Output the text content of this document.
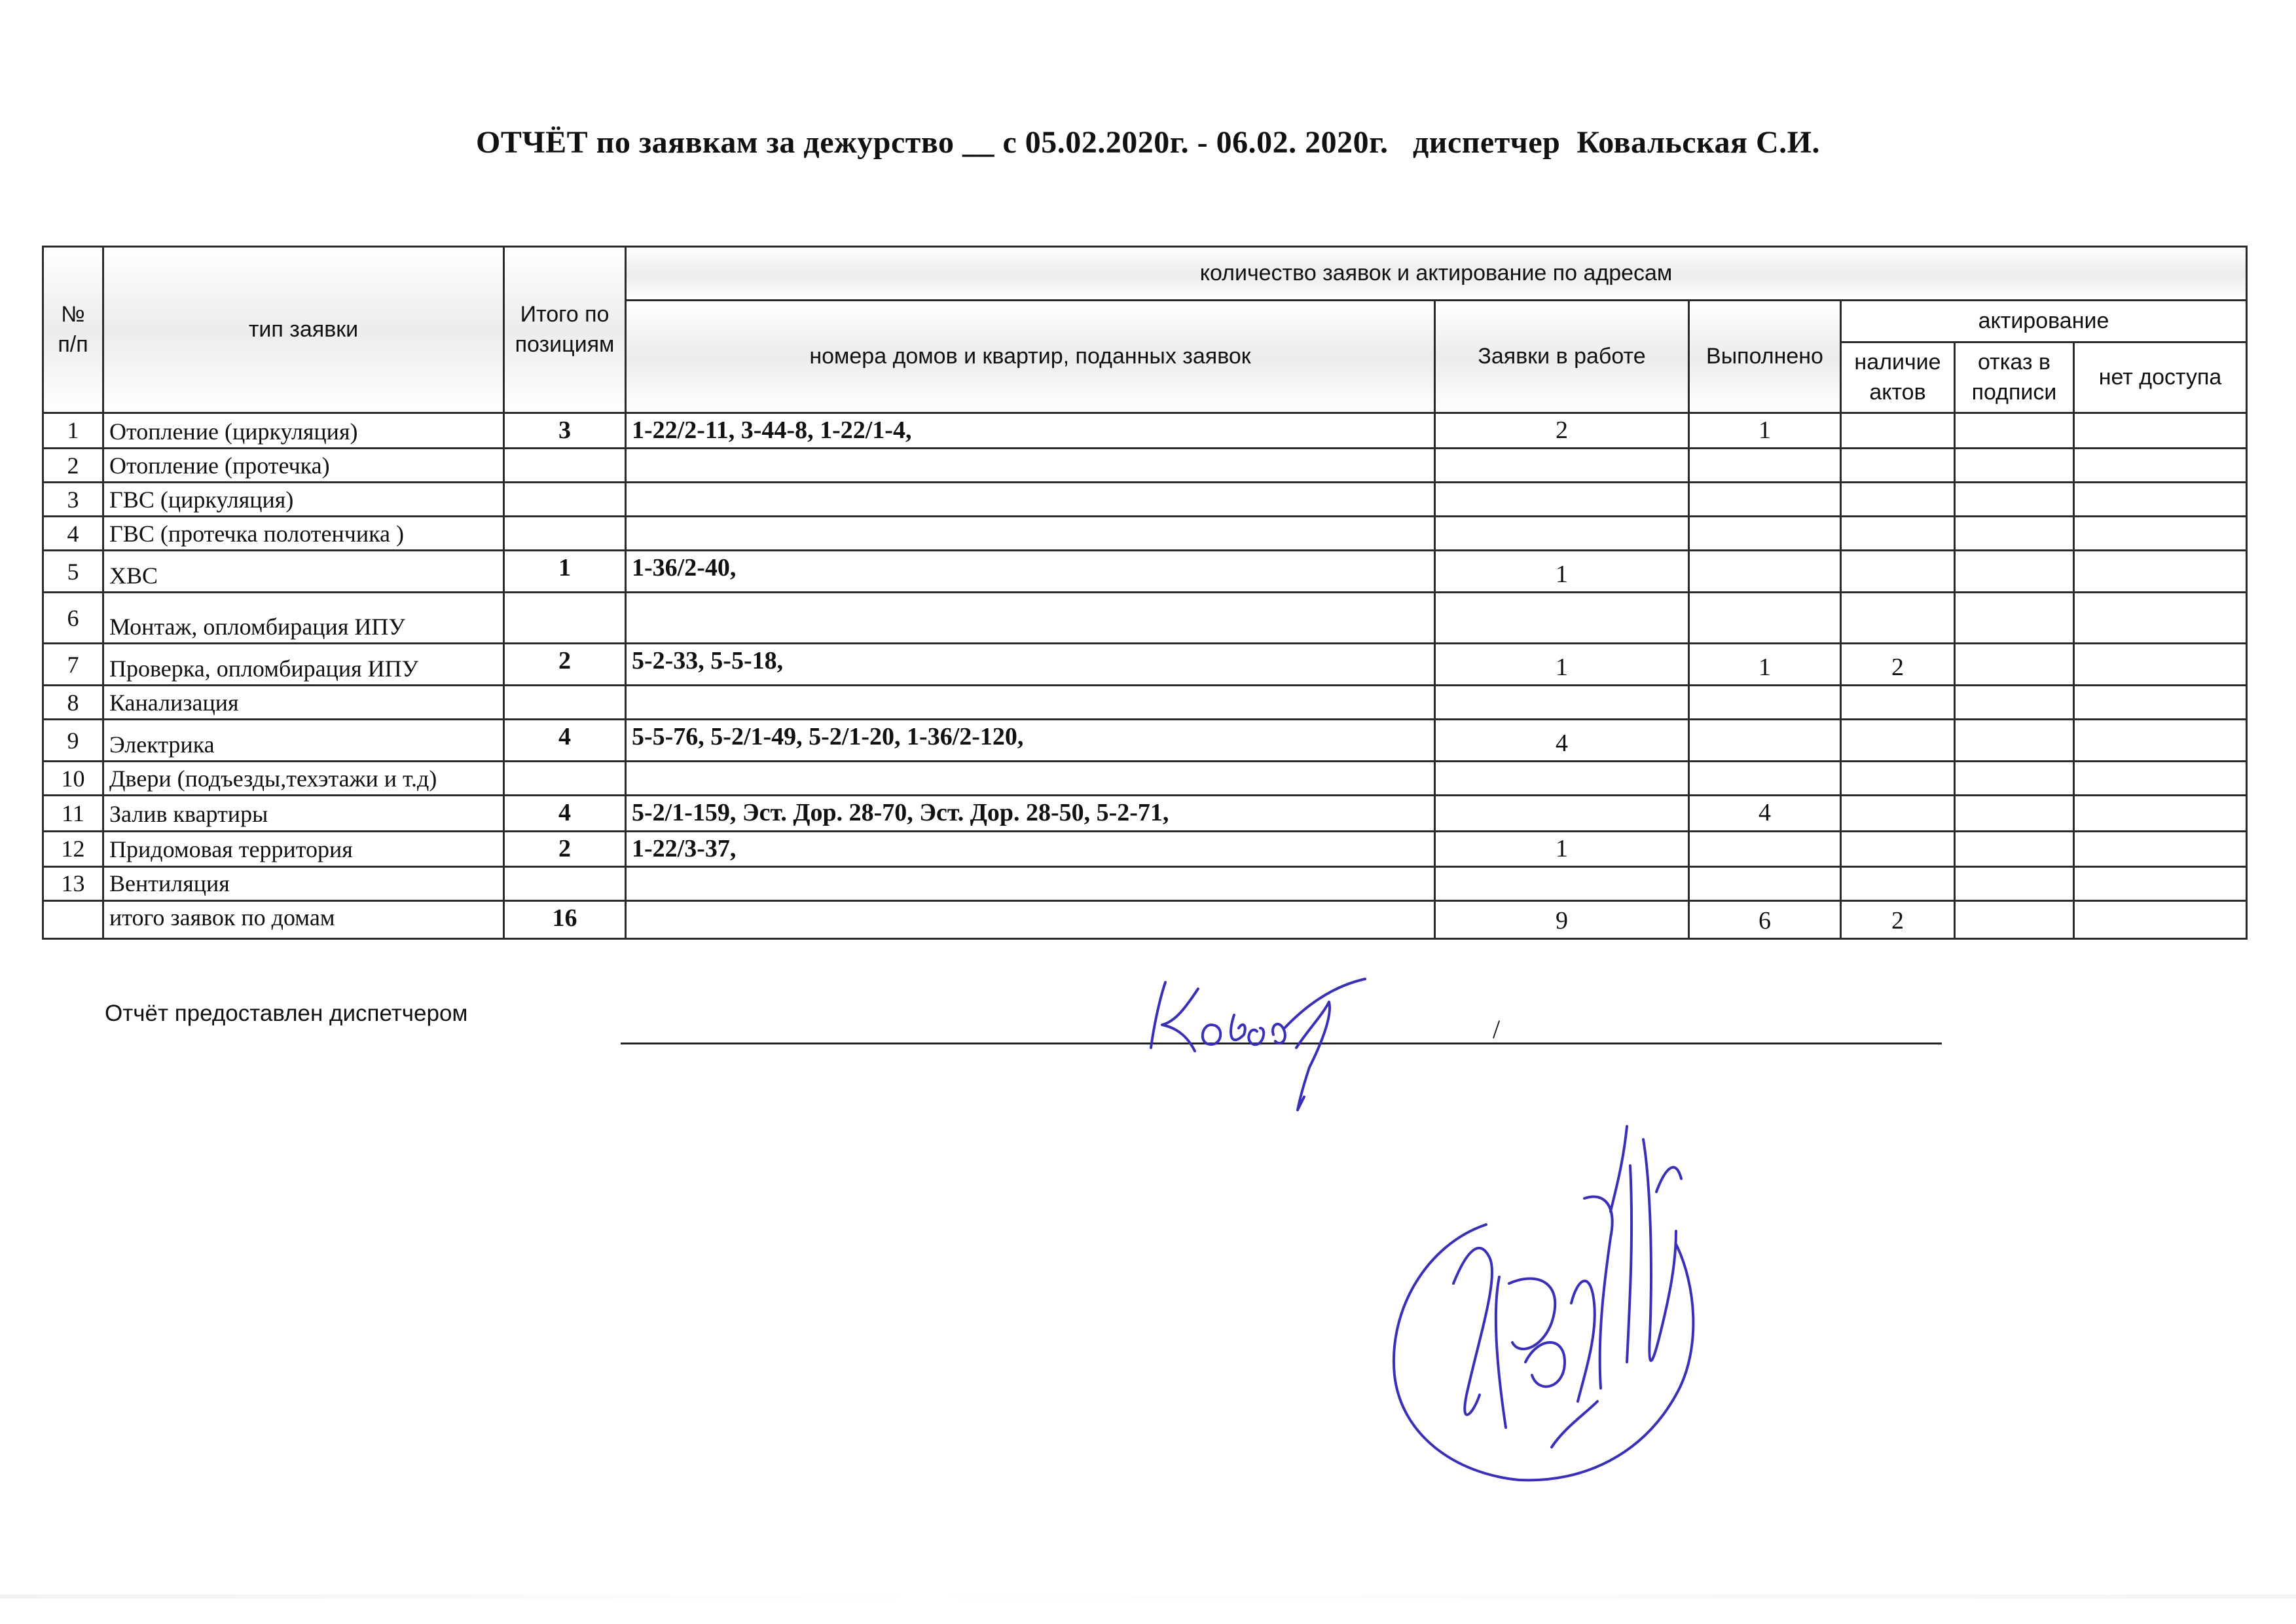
ОТЧЁТ по заявкам за дежурство __ с 05.02.2020г. - 06.02. 2020г.   диспетчер  Ковальская С.И.
№ п/п	тип заявки	Итого по позициям	количество заявок и актирование по адресам					
			номера домов и квартир, поданных заявок	Заявки в работе	Выполнено	актирование		
						наличие актов	отказ в подписи	нет доступа
1	Отопление (циркуляция)	3	1-22/2-11, 3-44-8, 1-22/1-4,	2	1			
2	Отопление (протечка)							
3	ГВС (циркуляция)							
4	ГВС (протечка полотенчика )							
5	ХВС	1	1-36/2-40,	1				
6	Монтаж, опломбирация ИПУ							
7	Проверка, опломбирация ИПУ	2	5-2-33, 5-5-18,	1	1	2		
8	Канализация							
9	Электрика	4	5-5-76, 5-2/1-49, 5-2/1-20, 1-36/2-120,	4				
10	Двери (подъезды,техэтажи и т.д)							
11	Залив квартиры	4	5-2/1-159, Эст. Дор. 28-70, Эст. Дор. 28-50, 5-2-71,		4			
12	Придомовая территория	2	1-22/3-37,	1				
13	Вентиляция							
	итого заявок по домам	16		9	6	2		
Отчёт предоставлен диспетчером
/
